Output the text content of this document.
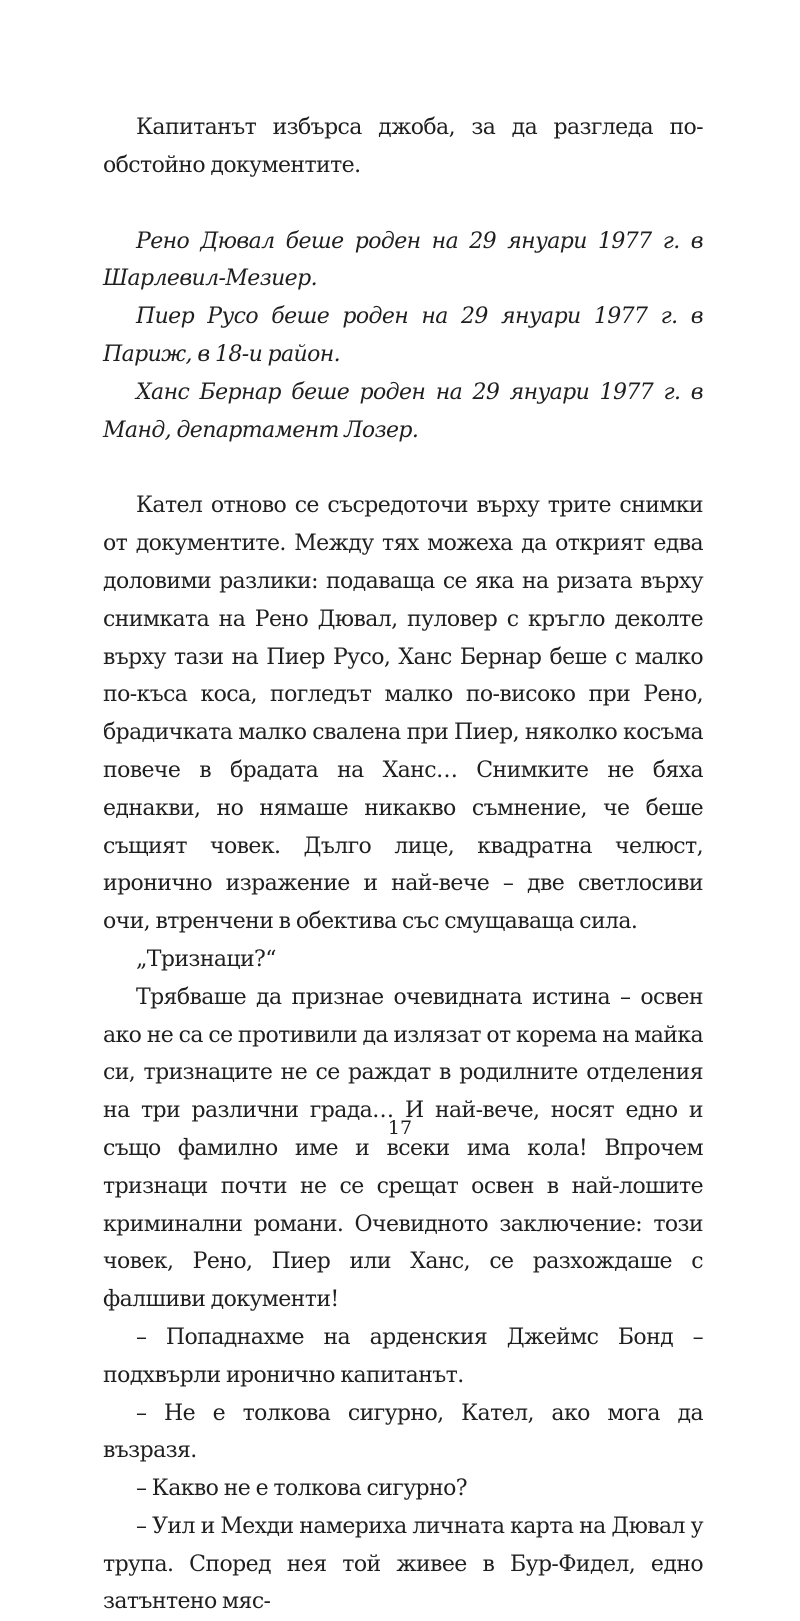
Капитанът избърса джоба, за да разгледа по-обстойно документите.

Рено Дювал беше роден на 29 януари 1977 г. в Шарлевил-Мезиер.

Пиер Русо беше роден на 29 януари 1977 г. в Париж, в 18-и район.

Ханс Бернар беше роден на 29 януари 1977 г. в Манд, департамент Лозер.

Кател отново се съсредоточи върху трите снимки от документите. Между тях можеха да открият едва доловими разлики: подаваща се яка на ризата върху снимката на Рено Дювал, пуловер с кръгло деколте върху тази на Пиер Русо, Ханс Бернар беше с малко по-къса коса, погледът малко по-високо при Рено, брадичката малко свалена при Пиер, няколко косъма повече в брадата на Ханс… Снимките не бяха еднакви, но нямаше никакво съмнение, че беше същият човек. Дълго лице, квадратна челюст, иронично изражение и най-вече – две светлосиви очи, втренчени в обектива със смущаваща сила.

„Тризнаци?“

Трябваше да признае очевидната истина – освен ако не са се противили да излязат от корема на майка си, тризнаците не се раждат в родилните отделения на три различни града… И най-вече, носят едно и също фамилно име и всеки има кола! Впрочем тризнаци почти не се срещат освен в най-лошите криминални романи. Очевидното заключение: този човек, Рено, Пиер или Ханс, се разхождаше с фалшиви документи!

– Попаднахме на арденския Джеймс Бонд – подхвърли иронично капитанът.

– Не е толкова сигурно, Кател, ако мога да възразя.

– Какво не е толкова сигурно?

– Уил и Мехди намериха личната карта на Дювал у трупа. Според нея той живее в Бур-Фидел, едно затънтено мяс-

17
